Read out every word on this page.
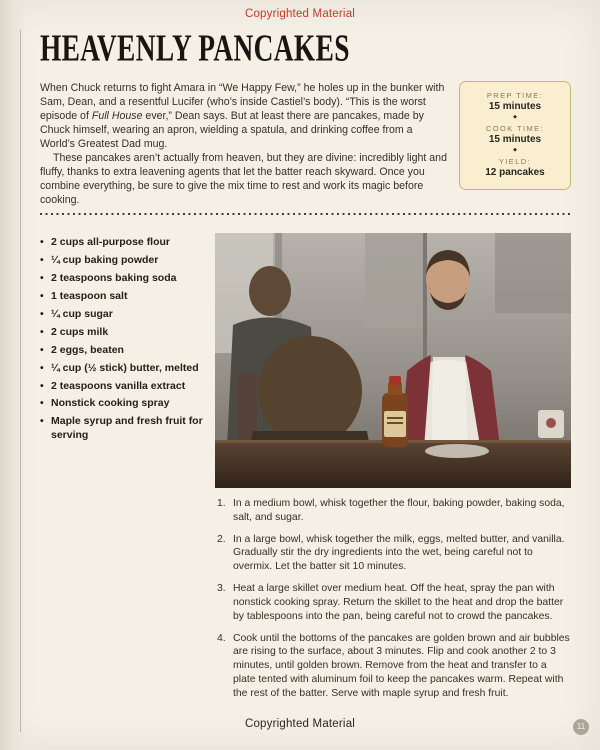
Copyrighted Material
HEAVENLY PANCAKES

When Chuck returns to fight Amara in “We Happy Few,” he holes up in the bunker with Sam, Dean, and a resentful Lucifer (who’s inside Castiel’s body). “This is the worst episode of Full House ever,” Dean says. But at least there are pancakes, made by Chuck himself, wearing an apron, wielding a spatula, and drinking coffee from a World’s Greatest Dad mug.

These pancakes aren’t actually from heaven, but they are divine: incredibly light and fluffy, thanks to extra leavening agents that let the batter reach skyward. Once you combine everything, be sure to give the mix time to rest and work its magic before cooking.

PREP TIME:
15 minutes
◆
COOK TIME:
15 minutes
◆
YIELD:
12 pancakes
• 2 cups all-purpose flour
• ¼ cup baking powder
• 2 teaspoons baking soda
• 1 teaspoon salt
• ¼ cup sugar
• 2 cups milk
• 2 eggs, beaten
• ¼ cup (½ stick) butter, melted
• 2 teaspoons vanilla extract
• Nonstick cooking spray
• Maple syrup and fresh fruit for serving
1. In a medium bowl, whisk together the flour, baking powder, baking soda, salt, and sugar.
2. In a large bowl, whisk together the milk, eggs, melted butter, and vanilla. Gradually stir the dry ingredients into the wet, being careful not to overmix. Let the batter sit 10 minutes.
3. Heat a large skillet over medium heat. Off the heat, spray the pan with nonstick cooking spray. Return the skillet to the heat and drop the batter by tablespoons into the pan, being careful not to crowd the pancakes.
4. Cook until the bottoms of the pancakes are golden brown and air bubbles are rising to the surface, about 3 minutes. Flip and cook another 2 to 3 minutes, until golden brown. Remove from the heat and transfer to a plate tented with aluminum foil to keep the pancakes warm. Repeat with the rest of the batter. Serve with maple syrup and fresh fruit.
Copyrighted Material	11
